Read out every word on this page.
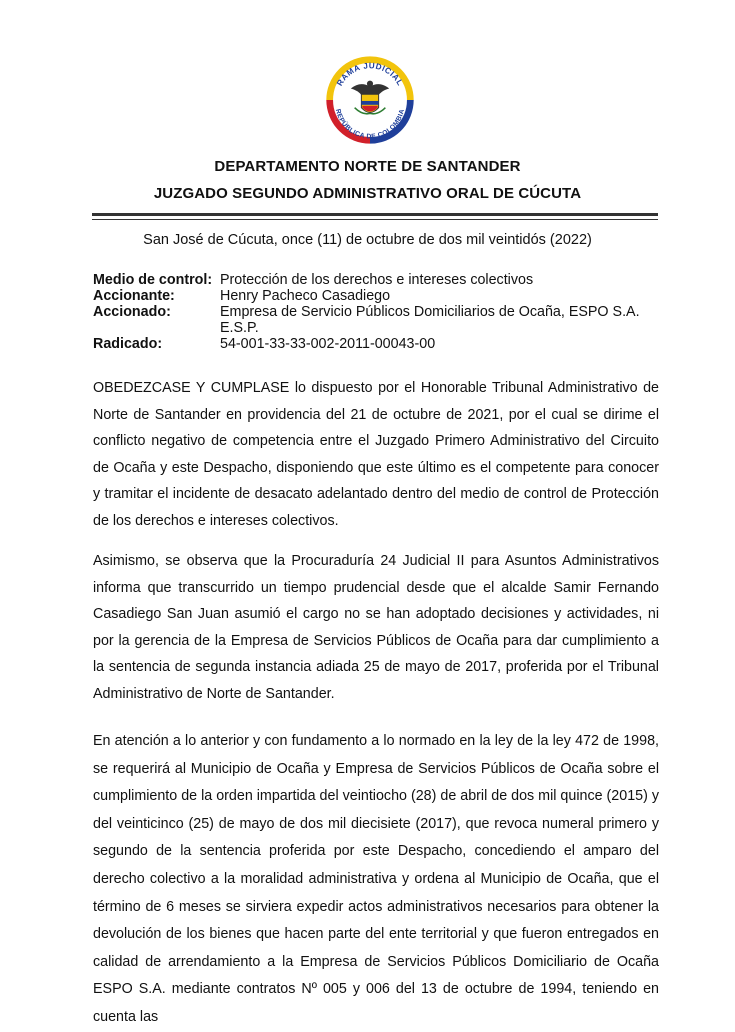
RAMA JUDICIAL
REPÚBLICA DE COLOMBIA
DEPARTAMENTO NORTE DE SANTANDER
JUZGADO SEGUNDO ADMINISTRATIVO ORAL DE CÚCUTA
San José de Cúcuta, once (11) de octubre de dos mil veintidós (2022)
Medio de control: Protección de los derechos e intereses colectivos
Accionante:	Henry Pacheco Casadiego
Accionado:	Empresa de Servicio Públicos Domiciliarios de Ocaña, ESPO S.A. E.S.P.
Radicado:	54-001-33-33-002-2011-00043-00
OBEDEZCASE Y CUMPLASE lo dispuesto por el Honorable Tribunal Administrativo de Norte de Santander en providencia del 21 de octubre de 2021, por el cual se dirime el conflicto negativo de competencia entre el Juzgado Primero Administrativo del Circuito de Ocaña y este Despacho, disponiendo que este último es el competente para conocer y tramitar el incidente de desacato adelantado dentro del medio de control de Protección de los derechos e intereses colectivos.
Asimismo, se observa que la Procuraduría 24 Judicial II para Asuntos Administrativos informa que transcurrido un tiempo prudencial desde que el alcalde Samir Fernando Casadiego San Juan asumió el cargo no se han adoptado decisiones y actividades, ni por la gerencia de la Empresa de Servicios Públicos de Ocaña para dar cumplimiento a la sentencia de segunda instancia adiada 25 de mayo de 2017, proferida por el Tribunal Administrativo de Norte de Santander.
En atención a lo anterior y con fundamento a lo normado en la ley de la ley 472 de 1998, se requerirá al Municipio de Ocaña y Empresa de Servicios Públicos de Ocaña sobre el cumplimiento de la orden impartida del veintiocho (28) de abril de dos mil quince (2015) y del veinticinco (25) de mayo de dos mil diecisiete (2017), que revoca numeral primero y segundo de la sentencia proferida por este Despacho, concediendo el amparo del derecho colectivo a la moralidad administrativa y ordena al Municipio de Ocaña, que el término de 6 meses se sirviera expedir actos administrativos necesarios para obtener la devolución de los bienes que hacen parte del ente territorial y que fueron entregados en calidad de arrendamiento a la Empresa de Servicios Públicos Domiciliario de Ocaña ESPO S.A. mediante contratos Nº 005 y 006 del 13 de octubre de 1994, teniendo en cuenta las
